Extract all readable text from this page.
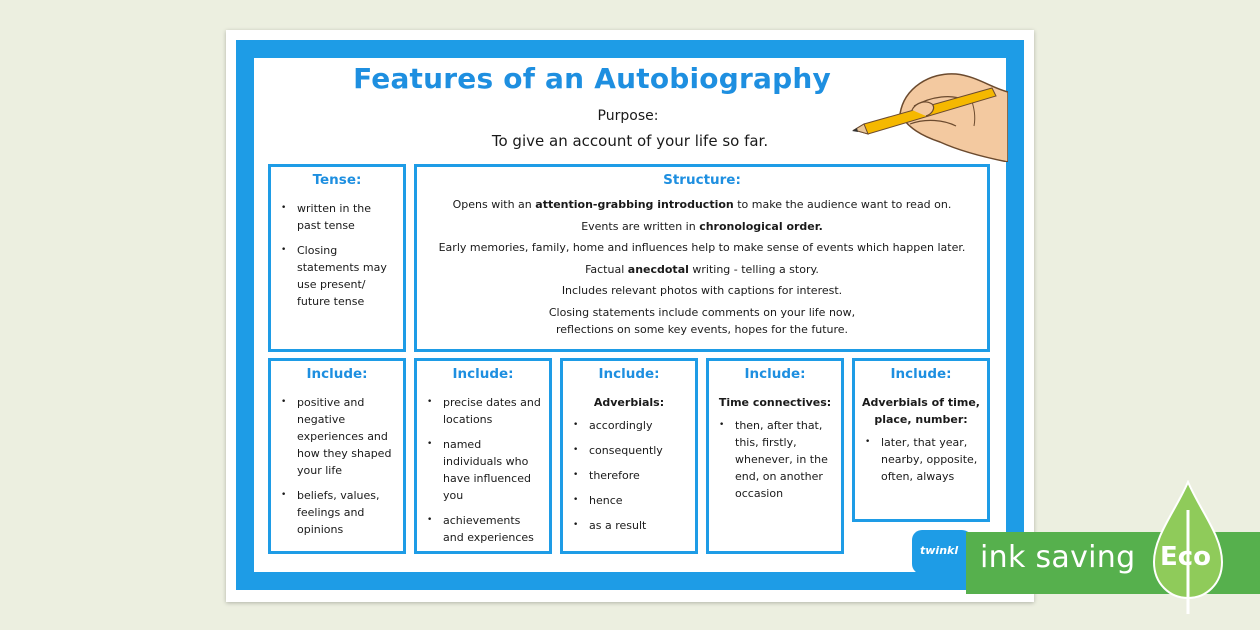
Features of an Autobiography
Purpose:
To give an account of your life so far.
Tense:
• written in the past tense
• Closing statements may use present/ future tense
Structure:

Opens with an attention-grabbing introduction to make the audience want to read on.

Events are written in chronological order.

Early memories, family, home and influences help to make sense of events which happen later.

Factual anecdotal writing - telling a story.

Includes relevant photos with captions for interest.

Closing statements include comments on your life now, reflections on some key events, hopes for the future.

Include:
• positive and negative experiences and how they shaped your life
• beliefs, values, feelings and opinions
Include:
• precise dates and locations
• named individuals who have influenced you
• achievements and experiences
Include:
Adverbials:
• accordingly
• consequently
• therefore
• hence
• as a result
Include:
Time connectives:
• then, after that, this, firstly, whenever, in the end, on another occasion
Include:
Adverbials of time, place, number:
• later, that year, nearby, opposite, often, always
twinkl ink saving Eco
